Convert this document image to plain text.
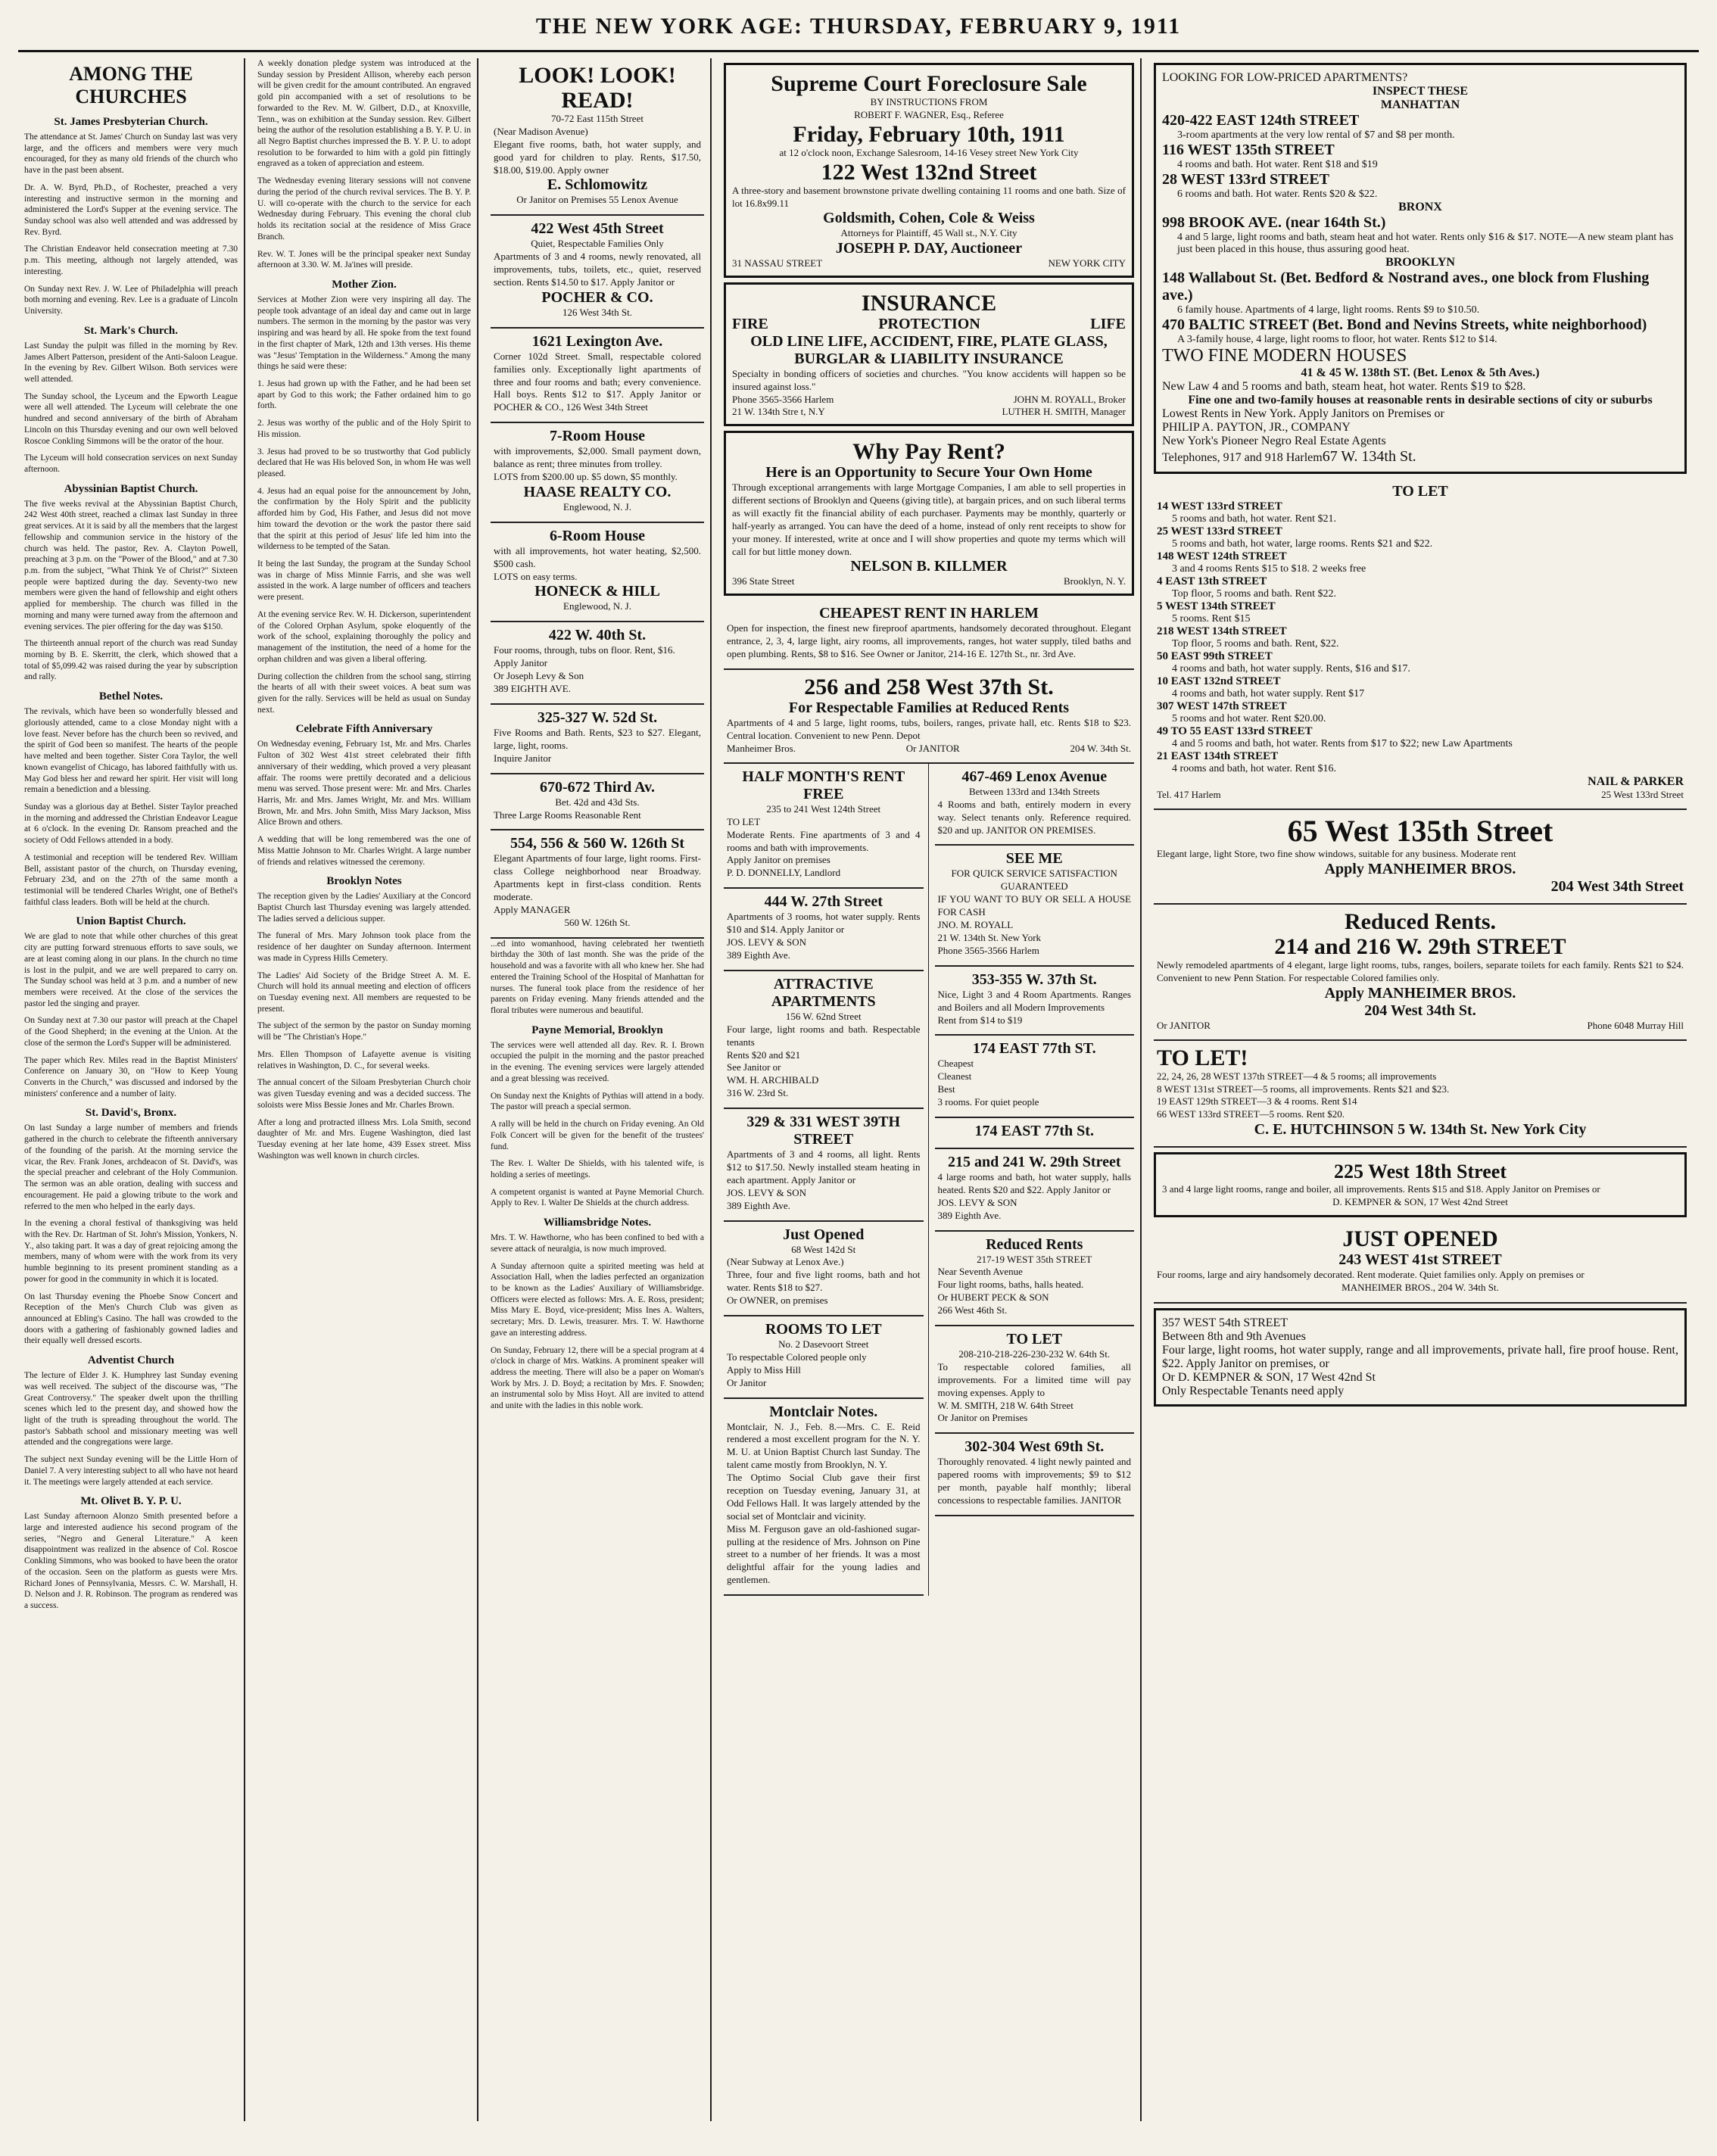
THE NEW YORK AGE: THURSDAY, FEBRUARY 9, 1911
AMONG THE CHURCHES
St. James Presbyterian Church.

The attendance at St. James' Church on Sunday last was very large, and the officers and members were very much encouraged, for they as many old friends of the church who have in the past been absent.

Dr. A. W. Byrd, Ph.D., of Rochester, preached a very interesting and instructive sermon in the morning and administered the Lord's Supper at the evening service. The Sunday school was also well attended and was addressed by Rev. Byrd.

The Christian Endeavor held consecration meeting at 7.30 p.m. This meeting, although not largely attended, was interesting.

On Sunday next Rev. J. W. Lee of Philadelphia will preach both morning and evening. Rev. Lee is a graduate of Lincoln University.

St. Mark's Church.

Last Sunday the pulpit was filled in the morning by Rev. James Albert Patterson, president of the Anti-Saloon League. In the evening by Rev. Gilbert Wilson. Both services were well attended.

The Sunday school, the Lyceum and the Epworth League were all well attended. The Lyceum will celebrate the one hundred and second anniversary of the birth of Abraham Lincoln on this Thursday evening and our own well beloved Roscoe Conkling Simmons will be the orator of the hour.

The Lyceum will hold consecration services on next Sunday afternoon.

Abyssinian Baptist Church.

The five weeks revival at the Abyssinian Baptist Church, 242 West 40th street, reached a climax last Sunday in three great services. At it is said by all the members that the largest fellowship and communion service in the history of the church was held. The pastor, Rev. A. Clayton Powell, preaching at 3 p.m. on the "Power of the Blood," and at 7.30 p.m. from the subject, "What Think Ye of Christ?" Sixteen people were baptized during the day. Seventy-two new members were given the hand of fellowship and eight others applied for membership. The church was filled in the morning and many were turned away from the afternoon and evening services. The pier offering for the day was $150.

The thirteenth annual report of the church was read Sunday morning by B. E. Skerritt, the clerk, which showed that a total of $5,099.42 was raised during the year by subscription and rally.

Bethel Notes.

The revivals, which have been so wonderfully blessed and gloriously attended, came to a close Monday night with a love feast. Never before has the church been so revived, and the spirit of God been so manifest. The hearts of the people have melted and been together. Sister Cora Taylor, the well known evangelist of Chicago, has labored faithfully with us. May God bless her and reward her spirit. Her visit will long remain a benediction and a blessing.

Sunday was a glorious day at Bethel. Sister Taylor preached in the morning and addressed the Christian Endeavor League at 6 o'clock. In the evening Dr. Ransom preached and the society of Odd Fellows attended in a body.

A testimonial and reception will be tendered Rev. William Bell, assistant pastor of the church, on Thursday evening, February 23d, and on the 27th of the same month a testimonial will be tendered Charles Wright, one of Bethel's faithful class leaders. Both will be held at the church.

Union Baptist Church.

We are glad to note that while other churches of this great city are putting forward strenuous efforts to save souls, we are at least coming along in our plans. In the church no time is lost in the pulpit, and we are well prepared to carry on. The Sunday school was held at 3 p.m. and a number of new members were received. At the close of the services the pastor led the singing and prayer.

On Sunday next at 7.30 our pastor will preach at the Chapel of the Good Shepherd; in the evening at the Union. At the close of the sermon the Lord's Supper will be administered.

The paper which Rev. Miles read in the Baptist Ministers' Conference on January 30, on "How to Keep Young Converts in the Church," was discussed and indorsed by the ministers' conference and a number of laity.

St. David's, Bronx.

On last Sunday a large number of members and friends gathered in the church to celebrate the fifteenth anniversary of the founding of the parish. At the morning service the vicar, the Rev. Frank Jones, archdeacon of St. David's, was the special preacher and celebrant of the Holy Communion. The sermon was an able oration, dealing with success and encouragement. He paid a glowing tribute to the work and referred to the men who helped in the early days.

In the evening a choral festival of thanksgiving was held with the Rev. Dr. Hartman of St. John's Mission, Yonkers, N. Y., also taking part. It was a day of great rejoicing among the members, many of whom were with the work from its very humble beginning to its present prominent standing as a power for good in the community in which it is located.

On last Thursday evening the Phoebe Snow Concert and Reception of the Men's Church Club was given as announced at Ebling's Casino. The hall was crowded to the doors with a gathering of fashionably gowned ladies and their equally well dressed escorts.

Adventist Church

The lecture of Elder J. K. Humphrey last Sunday evening was well received. The subject of the discourse was, "The Great Controversy." The speaker dwelt upon the thrilling scenes which led to the present day, and showed how the light of the truth is spreading throughout the world. The pastor's Sabbath school and missionary meeting was well attended and the congregations were large.

The subject next Sunday evening will be the Little Horn of Daniel 7. A very interesting subject to all who have not heard it. The meetings were largely attended at each service.

Mt. Olivet B. Y. P. U.

Last Sunday afternoon Alonzo Smith presented before a large and interested audience his second program of the series, "Negro and General Literature." A keen disappointment was realized in the absence of Col. Roscoe Conkling Simmons, who was booked to have been the orator of the occasion. Seen on the platform as guests were Mrs. Richard Jones of Pennsylvania, Messrs. C. W. Marshall, H. D. Nelson and J. R. Robinson. The program as rendered was a success.

A weekly donation pledge system was introduced at the Sunday session by President Allison, whereby each person will be given credit for the amount contributed. An engraved gold pin accompanied with a set of resolutions to be forwarded to the Rev. M. W. Gilbert, D.D., at Knoxville, Tenn., was on exhibition at the Sunday session. Rev. Gilbert being the author of the resolution establishing a B. Y. P. U. in all Negro Baptist churches impressed the B. Y. P. U. to adopt resolution to be forwarded to him with a gold pin fittingly engraved as a token of appreciation and esteem.

The Wednesday evening literary sessions will not convene during the period of the church revival services. The B. Y. P. U. will co-operate with the church to the service for each Wednesday during February. This evening the choral club holds its recitation social at the residence of Miss Grace Branch.

Rev. W. T. Jones will be the principal speaker next Sunday afternoon at 3.30. W. M. Ja'ines will preside.

Mother Zion.

Services at Mother Zion were very inspiring all day. The people took advantage of an ideal day and came out in large numbers. The sermon in the morning by the pastor was very inspiring and was heard by all. He spoke from the text found in the first chapter of Mark, 12th and 13th verses. His theme was "Jesus' Temptation in the Wilderness." Among the many things he said were these:

1. Jesus had grown up with the Father, and he had been set apart by God to this work; the Father ordained him to go forth.

2. Jesus was worthy of the public and of the Holy Spirit to His mission.

3. Jesus had proved to be so trustworthy that God publicly declared that He was His beloved Son, in whom He was well pleased.

4. Jesus had an equal poise for the announcement by John, the confirmation by the Holy Spirit and the publicity afforded him by God, His Father, and Jesus did not move him toward the devotion or the work the pastor there said that the spirit at this period of Jesus' life led him into the wilderness to be tempted of the Satan.

It being the last Sunday, the program at the Sunday School was in charge of Miss Minnie Farris, and she was well assisted in the work. A large number of officers and teachers were present.

At the evening service Rev. W. H. Dickerson, superintendent of the Colored Orphan Asylum, spoke eloquently of the work of the school, explaining thoroughly the policy and management of the institution, the need of a home for the orphan children and was given a liberal offering.

During collection the children from the school sang, stirring the hearts of all with their sweet voices. A beat sum was given for the rally. Services will be held as usual on Sunday next.

Celebrate Fifth Anniversary

On Wednesday evening, February 1st, Mr. and Mrs. Charles Fulton of 302 West 41st street celebrated their fifth anniversary of their wedding, which proved a very pleasant affair. The rooms were prettily decorated and a delicious menu was served. Those present were: Mr. and Mrs. Charles Harris, Mr. and Mrs. James Wright, Mr. and Mrs. William Brown, Mr. and Mrs. John Smith, Miss Mary Jackson, Miss Alice Brown and others.

A wedding that will be long remembered was the one of Miss Mattie Johnson to Mr. Charles Wright. A large number of friends and relatives witnessed the ceremony.

Brooklyn Notes

The reception given by the Ladies' Auxiliary at the Concord Baptist Church last Thursday evening was largely attended. The ladies served a delicious supper.

The funeral of Mrs. Mary Johnson took place from the residence of her daughter on Sunday afternoon. Interment was made in Cypress Hills Cemetery.

The Ladies' Aid Society of the Bridge Street A. M. E. Church will hold its annual meeting and election of officers on Tuesday evening next. All members are requested to be present.

The subject of the sermon by the pastor on Sunday morning will be "The Christian's Hope."

Mrs. Ellen Thompson of Lafayette avenue is visiting relatives in Washington, D. C., for several weeks.

The annual concert of the Siloam Presbyterian Church choir was given Tuesday evening and was a decided success. The soloists were Miss Bessie Jones and Mr. Charles Brown.

After a long and protracted illness Mrs. Lola Smith, second daughter of Mr. and Mrs. Eugene Washington, died last Tuesday evening at her late home, 439 Essex street. Miss Washington was well known in church circles.

LOOK! LOOK! READ!
70-72 East 115th Street
(Near Madison Avenue)
Elegant five rooms, bath, hot water supply, and good yard for children to play. Rents, $17.50, $18.00, $19.00. Apply owner
E. Schlomowitz
Or Janitor on Premises 55 Lenox Avenue
422 West 45th Street
Quiet, Respectable Families Only
Apartments of 3 and 4 rooms, newly renovated, all improvements, tubs, toilets, etc., quiet, reserved section. Rents $14.50 to $17. Apply Janitor or
POCHER & CO.
126 West 34th St.
1621 Lexington Ave.
Corner 102d Street. Small, respectable colored families only. Exceptionally light apartments of three and four rooms and bath; every convenience. Hall boys. Rents $12 to $17. Apply Janitor or POCHER & CO., 126 West 34th Street
7-Room House
with improvements, $2,000. Small payment down, balance as rent; three minutes from trolley.
LOTS from $200.00 up. $5 down, $5 monthly.
HAASE REALTY CO.
Englewood, N. J.
6-Room House
with all improvements, hot water heating, $2,500. $500 cash.
LOTS on easy terms.
HONECK & HILL
Englewood, N. J.
422 W. 40th St.
Four rooms, through, tubs on floor. Rent, $16.
Apply Janitor
Or Joseph Levy & Son
389 EIGHTH AVE.
325-327 W. 52d St.
Five Rooms and Bath. Rents, $23 to $27. Elegant, large, light, rooms.
Inquire Janitor
670-672 Third Av.
Bet. 42d and 43d Sts.
Three Large Rooms Reasonable Rent
554, 556 & 560 W. 126th St
Elegant Apartments of four large, light rooms. First-class College neighborhood near Broadway. Apartments kept in first-class condition. Rents moderate.
Apply MANAGER
560 W. 126th St.

...ed into womanhood, having celebrated her twentieth birthday the 30th of last month. She was the pride of the household and was a favorite with all who knew her. She had entered the Training School of the Hospital of Manhattan for nurses. The funeral took place from the residence of her parents on Friday evening. Many friends attended and the floral tributes were numerous and beautiful.

Payne Memorial, Brooklyn

The services were well attended all day. Rev. R. I. Brown occupied the pulpit in the morning and the pastor preached in the evening. The evening services were largely attended and a great blessing was received.

On Sunday next the Knights of Pythias will attend in a body. The pastor will preach a special sermon.

A rally will be held in the church on Friday evening. An Old Folk Concert will be given for the benefit of the trustees' fund.

The Rev. I. Walter De Shields, with his talented wife, is holding a series of meetings.

A competent organist is wanted at Payne Memorial Church. Apply to Rev. I. Walter De Shields at the church address.

Williamsbridge Notes.

Mrs. T. W. Hawthorne, who has been confined to bed with a severe attack of neuralgia, is now much improved.

A Sunday afternoon quite a spirited meeting was held at Association Hall, when the ladies perfected an organization to be known as the Ladies' Auxiliary of Williamsbridge. Officers were elected as follows: Mrs. A. E. Ross, president; Miss Mary E. Boyd, vice-president; Miss Ines A. Walters, secretary; Mrs. D. Lewis, treasurer. Mrs. T. W. Hawthorne gave an interesting address.

On Sunday, February 12, there will be a special program at 4 o'clock in charge of Mrs. Watkins. A prominent speaker will address the meeting. There will also be a paper on Woman's Work by Mrs. J. D. Boyd; a recitation by Mrs. F. Snowden; an instrumental solo by Miss Hoyt. All are invited to attend and unite with the ladies in this noble work.

Supreme Court Foreclosure Sale
BY INSTRUCTIONS FROM
ROBERT F. WAGNER, Esq., Referee
Friday, February 10th, 1911
at 12 o'clock noon, Exchange Salesroom, 14-16 Vesey street New York City
122 West 132nd Street
A three-story and basement brownstone private dwelling containing 11 rooms and one bath. Size of lot 16.8x99.11
Goldsmith, Cohen, Cole & Weiss
Attorneys for Plaintiff, 45 Wall st., N.Y. City
JOSEPH P. DAY, Auctioneer
31 NASSAU STREET	NEW YORK CITY
INSURANCE
FIRE	PROTECTION	LIFE
OLD LINE LIFE, ACCIDENT, FIRE, PLATE GLASS, BURGLAR & LIABILITY INSURANCE
Specialty in bonding officers of societies and churches. "You know accidents will happen so be insured against loss."
Phone 3565-3566 Harlem	JOHN M. ROYALL, Broker
21 W. 134th Stre t, N.Y	LUTHER H. SMITH, Manager
Why Pay Rent?
Here is an Opportunity to Secure Your Own Home
Through exceptional arrangements with large Mortgage Companies, I am able to sell properties in different sections of Brooklyn and Queens (giving title), at bargain prices, and on such liberal terms as will exactly fit the financial ability of each purchaser. Payments may be monthly, quarterly or half-yearly as arranged. You can have the deed of a home, instead of only rent receipts to show for your money. If interested, write at once and I will show properties and quote my terms which will call for but little money down.
NELSON B. KILLMER
396 State Street	Brooklyn, N. Y.
CHEAPEST RENT IN HARLEM
Open for inspection, the finest new fireproof apartments, handsomely decorated throughout. Elegant entrance, 2, 3, 4, large light, airy rooms, all improvements, ranges, hot water supply, tiled baths and open plumbing. Rents, $8 to $16. See Owner or Janitor, 214-16 E. 127th St., nr. 3rd Ave.
256 and 258 West 37th St.
For Respectable Families at Reduced Rents
Apartments of 4 and 5 large, light rooms, tubs, boilers, ranges, private hall, etc. Rents $18 to $23. Central location. Convenient to new Penn. Depot
Manheimer Bros.	Or JANITOR	204 W. 34th St.
HALF MONTH'S RENT FREE
235 to 241 West 124th Street
TO LET
Moderate Rents. Fine apartments of 3 and 4 rooms and bath with improvements.
Apply Janitor on premises
P. D. DONNELLY, Landlord
444 W. 27th Street
Apartments of 3 rooms, hot water supply. Rents $10 and $14. Apply Janitor or
JOS. LEVY & SON
389 Eighth Ave.
ATTRACTIVE APARTMENTS
156 W. 62nd Street
Four large, light rooms and bath. Respectable tenants
Rents $20 and $21
See Janitor or
WM. H. ARCHIBALD
316 W. 23rd St.
329 & 331 WEST 39TH STREET
Apartments of 3 and 4 rooms, all light. Rents $12 to $17.50. Newly installed steam heating in each apartment. Apply Janitor or
JOS. LEVY & SON
389 Eighth Ave.
Just Opened
68 West 142d St
(Near Subway at Lenox Ave.)
Three, four and five light rooms, bath and hot water. Rents $18 to $27.
Or OWNER, on premises
ROOMS TO LET
No. 2 Dasevoort Street
To respectable Colored people only
Apply to Miss Hill
Or Janitor
Montclair Notes.
Montclair, N. J., Feb. 8.—Mrs. C. E. Reid rendered a most excellent program for the N. Y. M. U. at Union Baptist Church last Sunday. The talent came mostly from Brooklyn, N. Y.
The Optimo Social Club gave their first reception on Tuesday evening, January 31, at Odd Fellows Hall. It was largely attended by the social set of Montclair and vicinity.
Miss M. Ferguson gave an old-fashioned sugar-pulling at the residence of Mrs. Johnson on Pine street to a number of her friends. It was a most delightful affair for the young ladies and gentlemen.
467-469 Lenox Avenue
Between 133rd and 134th Streets
4 Rooms and bath, entirely modern in every way. Select tenants only. Reference required. $20 and up. JANITOR ON PREMISES.
SEE ME
FOR QUICK SERVICE SATISFACTION GUARANTEED
IF YOU WANT TO BUY OR SELL A HOUSE FOR CASH
JNO. M. ROYALL
21 W. 134th St. New York
Phone 3565-3566 Harlem
353-355 W. 37th St.
Nice, Light 3 and 4 Room Apartments. Ranges and Boilers and all Modern Improvements
Rent from $14 to $19
174 EAST 77th ST.
Cheapest
Cleanest
Best
3 rooms. For quiet people
174 EAST 77th St.
215 and 241 W. 29th Street
4 large rooms and bath, hot water supply, halls heated. Rents $20 and $22. Apply Janitor or
JOS. LEVY & SON
389 Eighth Ave.
Reduced Rents
217-19 WEST 35th STREET
Near Seventh Avenue
Four light rooms, baths, halls heated.
Or HUBERT PECK & SON
266 West 46th St.
TO LET
208-210-218-226-230-232 W. 64th St.
To respectable colored families, all improvements. For a limited time will pay moving expenses. Apply to
W. M. SMITH, 218 W. 64th Street
Or Janitor on Premises
302-304 West 69th St.
Thoroughly renovated. 4 light newly painted and papered rooms with improvements; $9 to $12 per month, payable half monthly; liberal concessions to respectable families. JANITOR
LOOKING FOR LOW-PRICED APARTMENTS?
INSPECT THESE
MANHATTAN
420-422 EAST 124th STREET
3-room apartments at the very low rental of $7 and $8 per month.
116 WEST 135th STREET
4 rooms and bath. Hot water. Rent $18 and $19
28 WEST 133rd STREET
6 rooms and bath. Hot water. Rents $20 & $22.
BRONX
998 BROOK AVE. (near 164th St.)
4 and 5 large, light rooms and bath, steam heat and hot water. Rents only $16 & $17. NOTE—A new steam plant has just been placed in this house, thus assuring good heat.
BROOKLYN
148 Wallabout St. (Bet. Bedford & Nostrand aves., one block from Flushing ave.)
6 family house. Apartments of 4 large, light rooms. Rents $9 to $10.50.
470 BALTIC STREET (Bet. Bond and Nevins Streets, white neighborhood)
A 3-family house, 4 large, light rooms to floor, hot water. Rents $12 to $14.
TWO FINE MODERN HOUSES
41 & 45 W. 138th ST. (Bet. Lenox & 5th Aves.)
New Law 4 and 5 rooms and bath, steam heat, hot water. Rents $19 to $28.
Fine one and two-family houses at reasonable rents in desirable sections of city or suburbs
Lowest Rents in New York. Apply Janitors on Premises or
PHILIP A. PAYTON, JR., COMPANY
New York's Pioneer Negro Real Estate Agents
Telephones, 917 and 918 Harlem67 W. 134th St.
TO LET
14 WEST 133rd STREET
5 rooms and bath, hot water. Rent $21.
25 WEST 133rd STREET
5 rooms and bath, hot water, large rooms. Rents $21 and $22.
148 WEST 124th STREET
3 and 4 rooms Rents $15 to $18. 2 weeks free
4 EAST 13th STREET
Top floor, 5 rooms and bath. Rent $22.
5 WEST 134th STREET
5 rooms. Rent $15
218 WEST 134th STREET
Top floor, 5 rooms and bath. Rent, $22.
50 EAST 99th STREET
4 rooms and bath, hot water supply. Rents, $16 and $17.
10 EAST 132nd STREET
4 rooms and bath, hot water supply. Rent $17
307 WEST 147th STREET
5 rooms and hot water. Rent $20.00.
49 TO 55 EAST 133rd STREET
4 and 5 rooms and bath, hot water. Rents from $17 to $22; new Law Apartments
21 EAST 134th STREET
4 rooms and bath, hot water. Rent $16.
NAIL & PARKER
Tel. 417 Harlem	25 West 133rd Street
65 West 135th Street
Elegant large, light Store, two fine show windows, suitable for any business. Moderate rent
Apply MANHEIMER BROS.
204 West 34th Street
Reduced Rents.
214 and 216 W. 29th STREET
Newly remodeled apartments of 4 elegant, large light rooms, tubs, ranges, boilers, separate toilets for each family. Rents $21 to $24. Convenient to new Penn Station. For respectable Colored families only.
Apply MANHEIMER BROS.
204 West 34th St.
Or JANITOR	Phone 6048 Murray Hill
TO LET!
22, 24, 26, 28 WEST 137th STREET—4 & 5 rooms; all improvements
8 WEST 131st STREET—5 rooms, all improvements. Rents $21 and $23.
19 EAST 129th STREET—3 & 4 rooms. Rent $14
66 WEST 133rd STREET—5 rooms. Rent $20.
C. E. HUTCHINSON 5 W. 134th St. New York City
225 West 18th Street
3 and 4 large light rooms, range and boiler, all improvements. Rents $15 and $18. Apply Janitor on Premises or
D. KEMPNER & SON, 17 West 42nd Street
JUST OPENED
243 WEST 41st STREET
Four rooms, large and airy handsomely decorated. Rent moderate. Quiet families only. Apply on premises or
MANHEIMER BROS., 204 W. 34th St.
357 WEST 54th STREET
Between 8th and 9th Avenues
Four large, light rooms, hot water supply, range and all improvements, private hall, fire proof house. Rent, $22. Apply Janitor on premises, or
Or D. KEMPNER & SON, 17 West 42nd St
Only Respectable Tenants need apply
